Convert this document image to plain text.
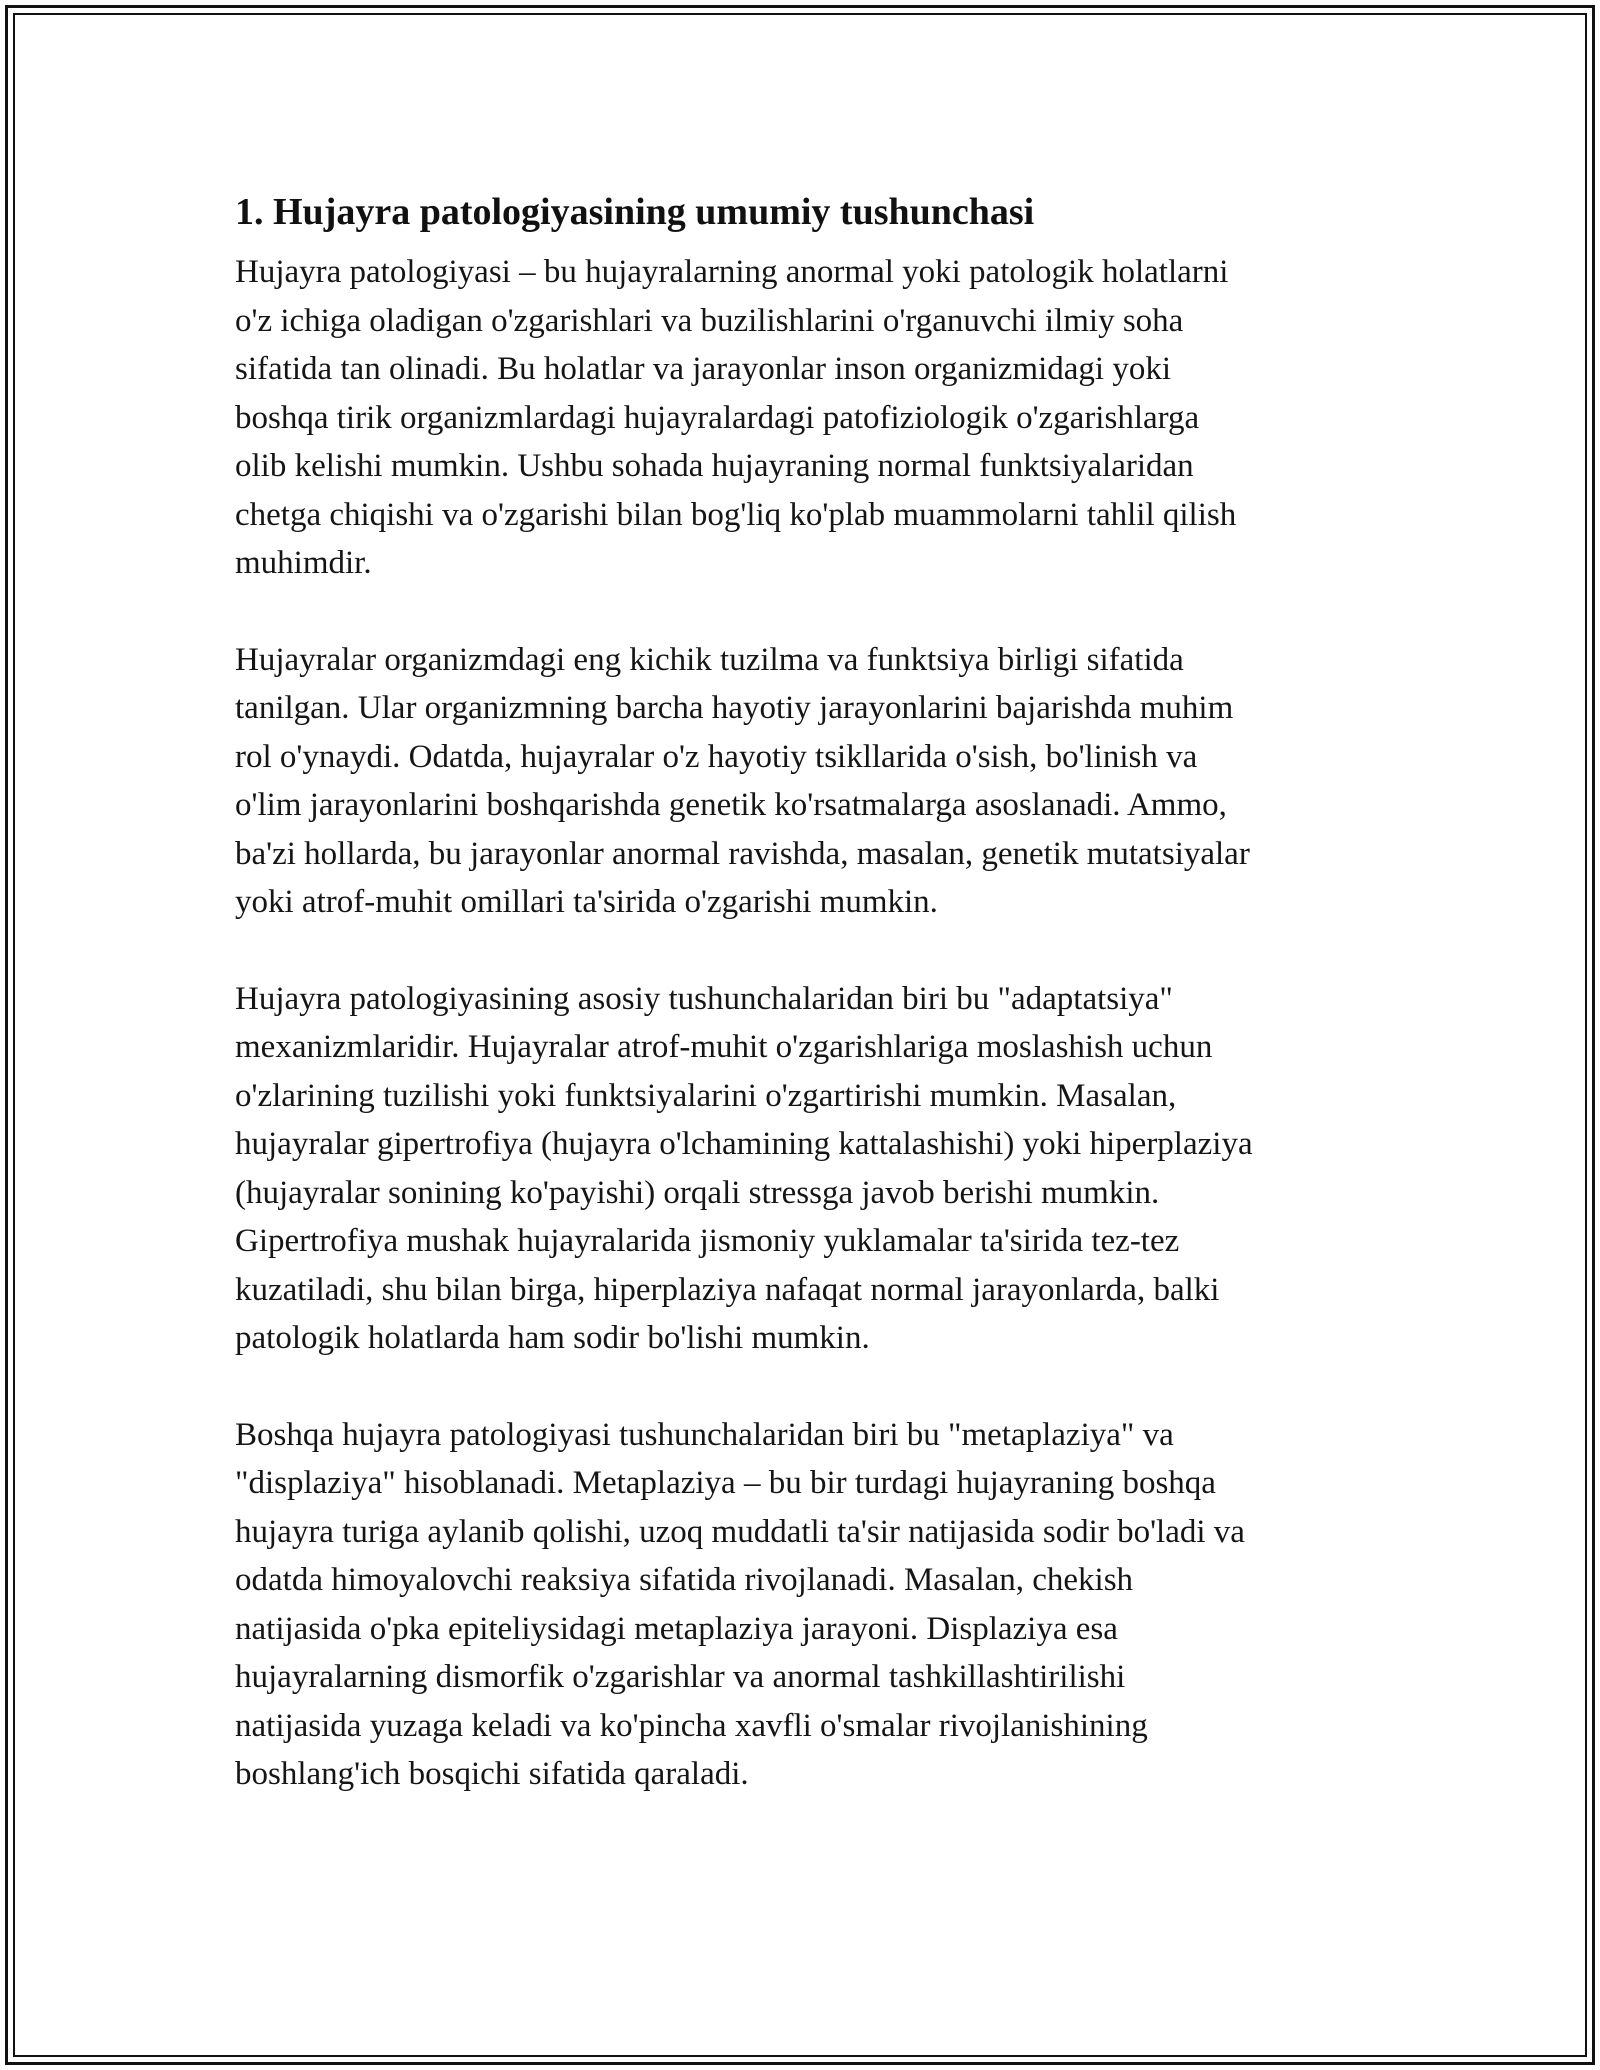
1. Hujayra patologiyasining umumiy tushunchasi

Hujayra patologiyasi – bu hujayralarning anormal yoki patologik holatlarni
o'z ichiga oladigan o'zgarishlari va buzilishlarini o'rganuvchi ilmiy soha
sifatida tan olinadi. Bu holatlar va jarayonlar inson organizmidagi yoki
boshqa tirik organizmlardagi hujayralardagi patofiziologik o'zgarishlarga
olib kelishi mumkin. Ushbu sohada hujayraning normal funktsiyalaridan
chetga chiqishi va o'zgarishi bilan bog'liq ko'plab muammolarni tahlil qilish
muhimdir.

Hujayralar organizmdagi eng kichik tuzilma va funktsiya birligi sifatida
tanilgan. Ular organizmning barcha hayotiy jarayonlarini bajarishda muhim
rol o'ynaydi. Odatda, hujayralar o'z hayotiy tsikllarida o'sish, bo'linish va
o'lim jarayonlarini boshqarishda genetik ko'rsatmalarga asoslanadi. Ammo,
ba'zi hollarda, bu jarayonlar anormal ravishda, masalan, genetik mutatsiyalar
yoki atrof-muhit omillari ta'sirida o'zgarishi mumkin.

Hujayra patologiyasining asosiy tushunchalaridan biri bu "adaptatsiya"
mexanizmlaridir. Hujayralar atrof-muhit o'zgarishlariga moslashish uchun
o'zlarining tuzilishi yoki funktsiyalarini o'zgartirishi mumkin. Masalan,
hujayralar gipertrofiya (hujayra o'lchamining kattalashishi) yoki hiperplaziya
(hujayralar sonining ko'payishi) orqali stressga javob berishi mumkin.
Gipertrofiya mushak hujayralarida jismoniy yuklamalar ta'sirida tez-tez
kuzatiladi, shu bilan birga, hiperplaziya nafaqat normal jarayonlarda, balki
patologik holatlarda ham sodir bo'lishi mumkin.

Boshqa hujayra patologiyasi tushunchalaridan biri bu "metaplaziya" va
"displaziya" hisoblanadi. Metaplaziya – bu bir turdagi hujayraning boshqa
hujayra turiga aylanib qolishi, uzoq muddatli ta'sir natijasida sodir bo'ladi va
odatda himoyalovchi reaksiya sifatida rivojlanadi. Masalan, chekish
natijasida o'pka epiteliysidagi metaplaziya jarayoni. Displaziya esa
hujayralarning dismorfik o'zgarishlar va anormal tashkillashtirilishi
natijasida yuzaga keladi va ko'pincha xavfli o'smalar rivojlanishining
boshlang'ich bosqichi sifatida qaraladi.
